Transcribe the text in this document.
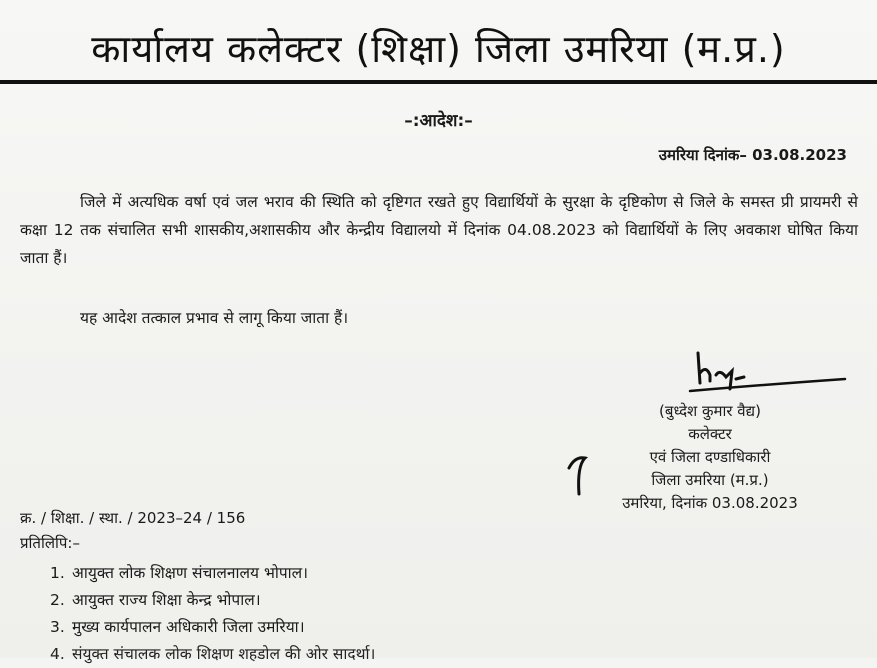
कार्यालय कलेक्टर (शिक्षा) जिला उमरिया (म.प्र.)
–:आदेश:–
उमरिया दिनांक– 03.08.2023
जिले में अत्यधिक वर्षा एवं जल भराव की स्थिति को दृष्टिगत रखते हुए विद्यार्थियों के सुरक्षा के दृष्टिकोण से जिले के समस्त प्री प्रायमरी से कक्षा 12 तक संचालित सभी शासकीय,अशासकीय और केन्द्रीय विद्यालयो में दिनांक 04.08.2023 को विद्यार्थियों के लिए अवकाश घोषित किया जाता हैं।
यह आदेश तत्काल प्रभाव से लागू किया जाता हैं।
(बुध्देश कुमार वैद्य)
कलेक्टर
एवं जिला दण्डाधिकारी
जिला उमरिया (म.प्र.)
उमरिया, दिनांक 03.08.2023
क्र. / शिक्षा. / स्था. / 2023–24 / 156
प्रतिलिपि:–
1. आयुक्त लोक शिक्षण संचालनालय भोपाल।
2. आयुक्त राज्य शिक्षा केन्द्र भोपाल।
3. मुख्य कार्यपालन अधिकारी जिला उमरिया।
4. संयुक्त संचालक लोक शिक्षण शहडोल की ओर सादर्था।
